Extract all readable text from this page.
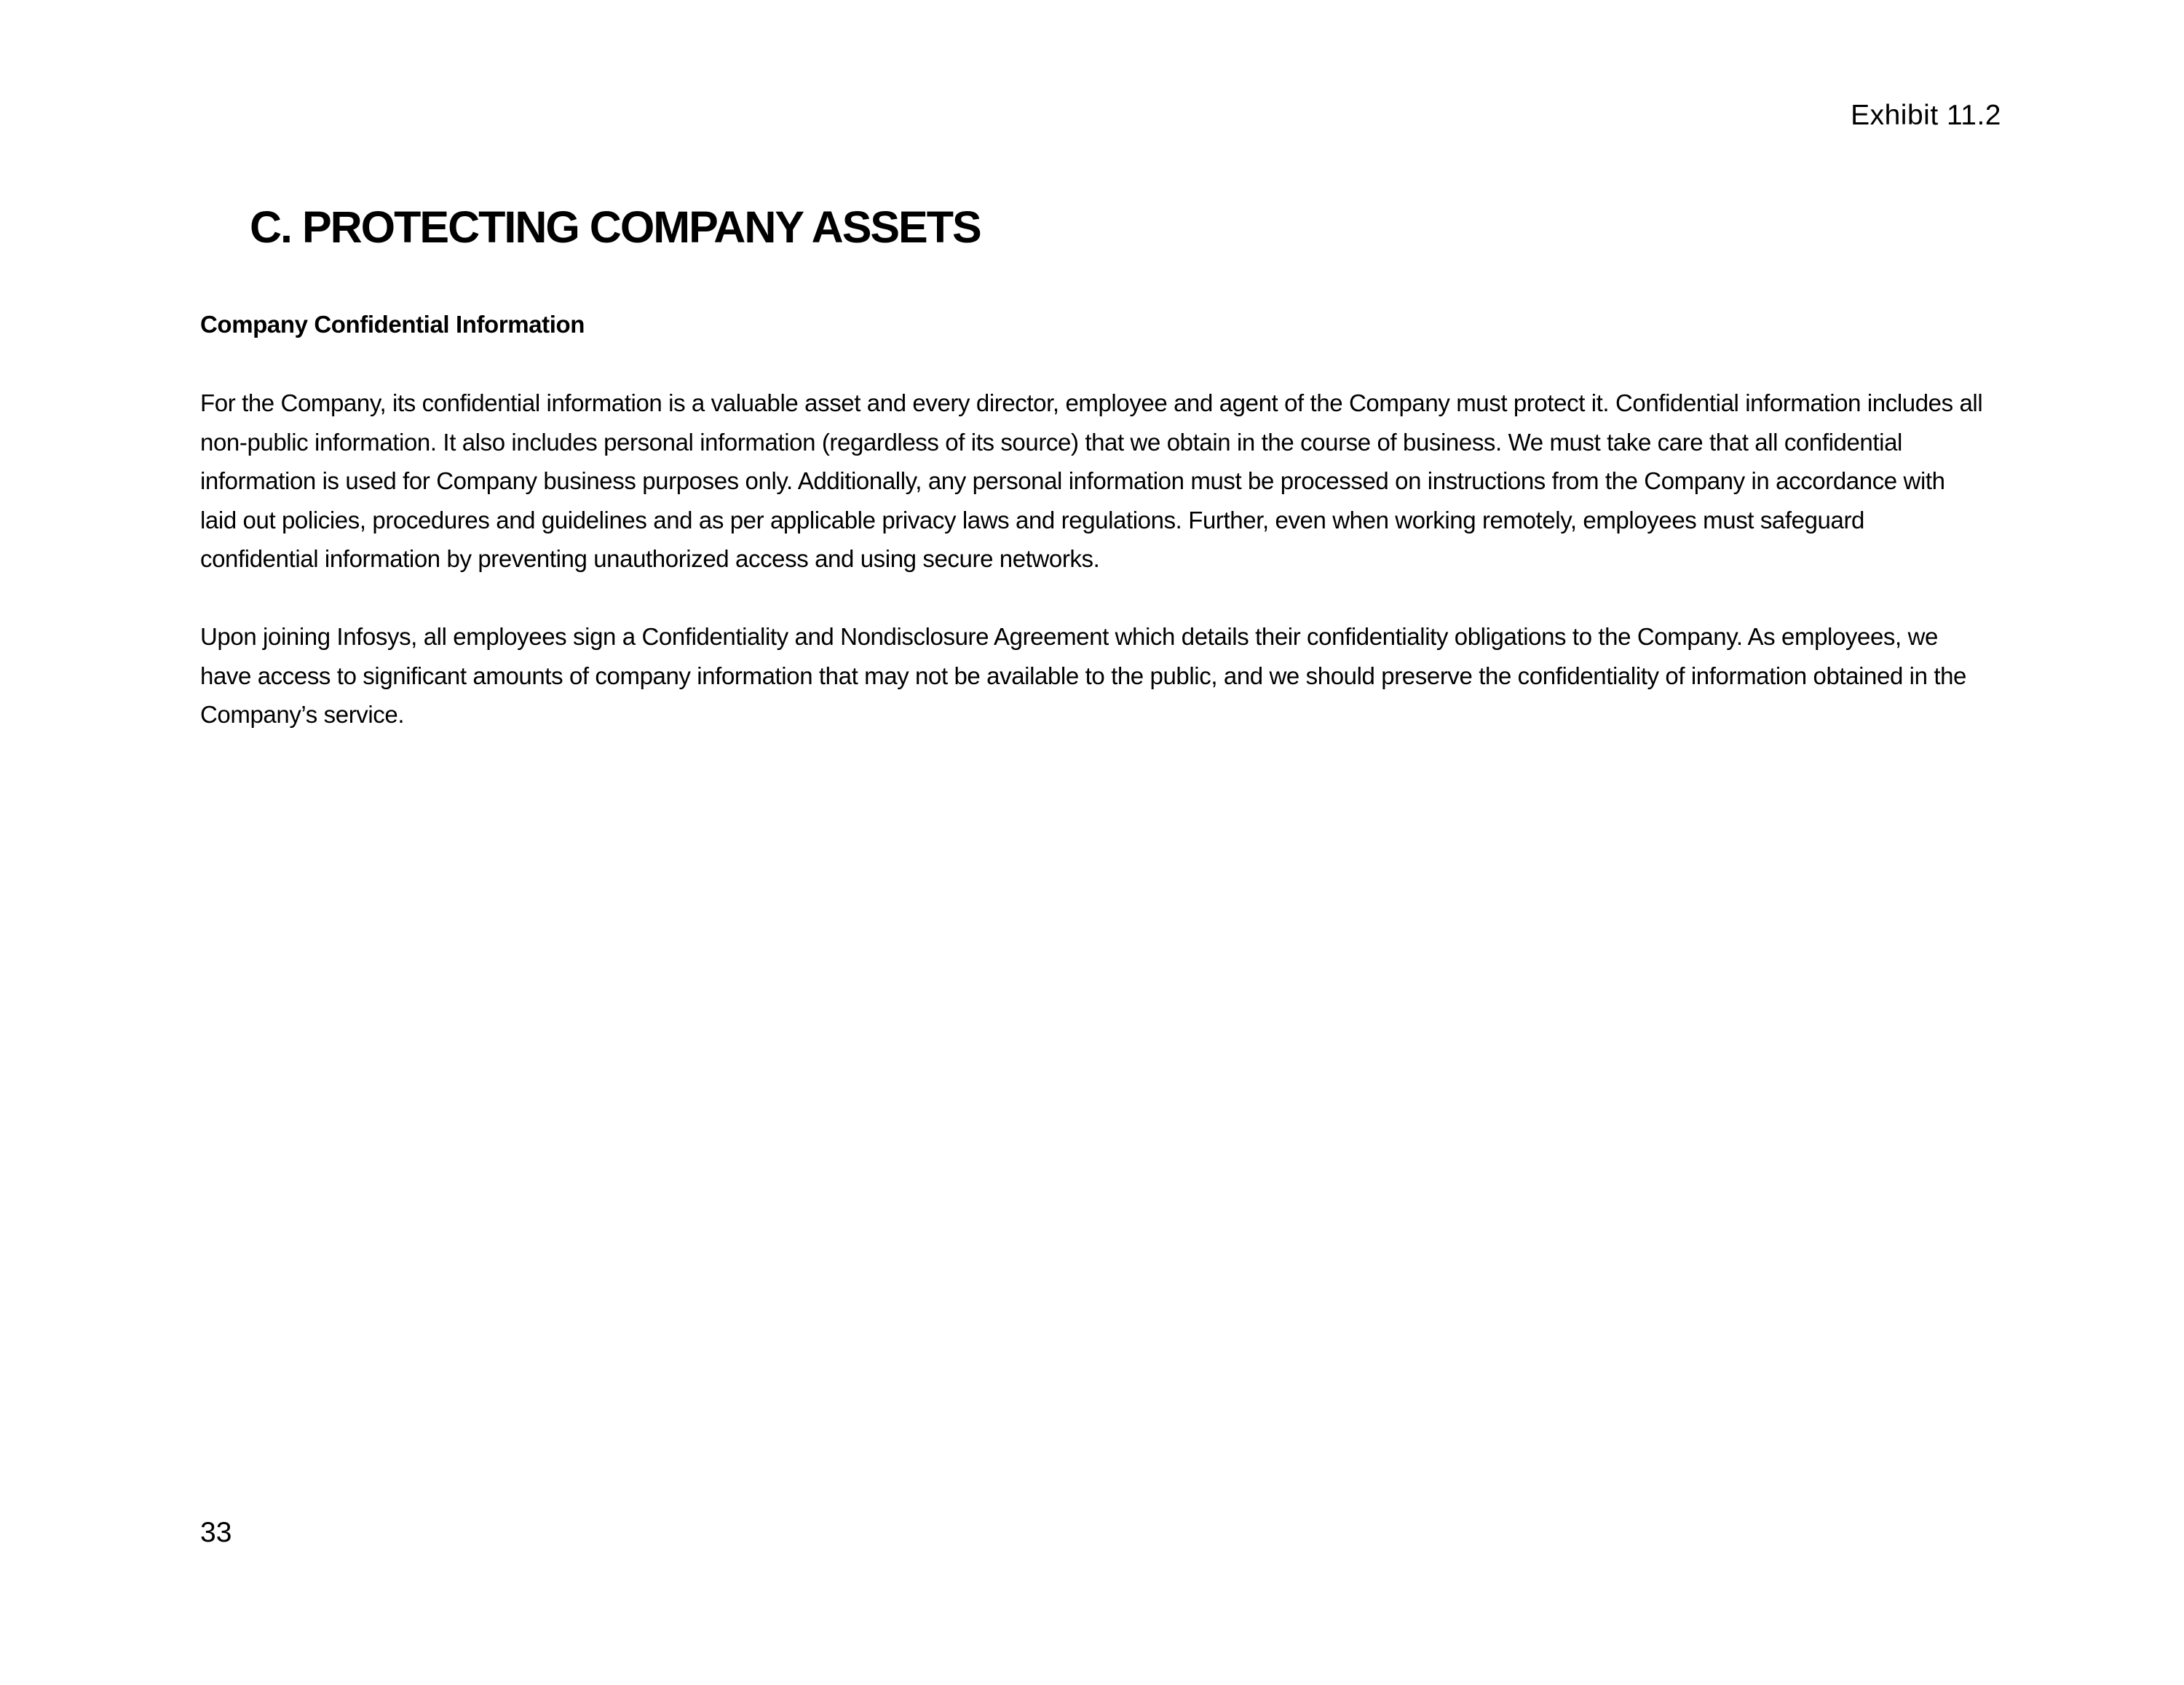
Exhibit 11.2
C. PROTECTING COMPANY ASSETS
Company Confidential Information

For the Company, its confidential information is a valuable asset and every director, employee and agent of the Company must protect it. Confidential information includes all non-public information. It also includes personal information (regardless of its source) that we obtain in the course of business. We must take care that all confidential information is used for Company business purposes only. Additionally, any personal information must be processed on instructions from the Company in accordance with laid out policies, procedures and guidelines and as per applicable privacy laws and regulations. Further, even when working remotely, employees must safeguard confidential information by preventing unauthorized access and using secure networks.

Upon joining Infosys, all employees sign a Confidentiality and Nondisclosure Agreement which details their confidentiality obligations to the Company. As employees, we have access to significant amounts of company information that may not be available to the public, and we should preserve the confidentiality of information obtained in the Company’s service.

33
